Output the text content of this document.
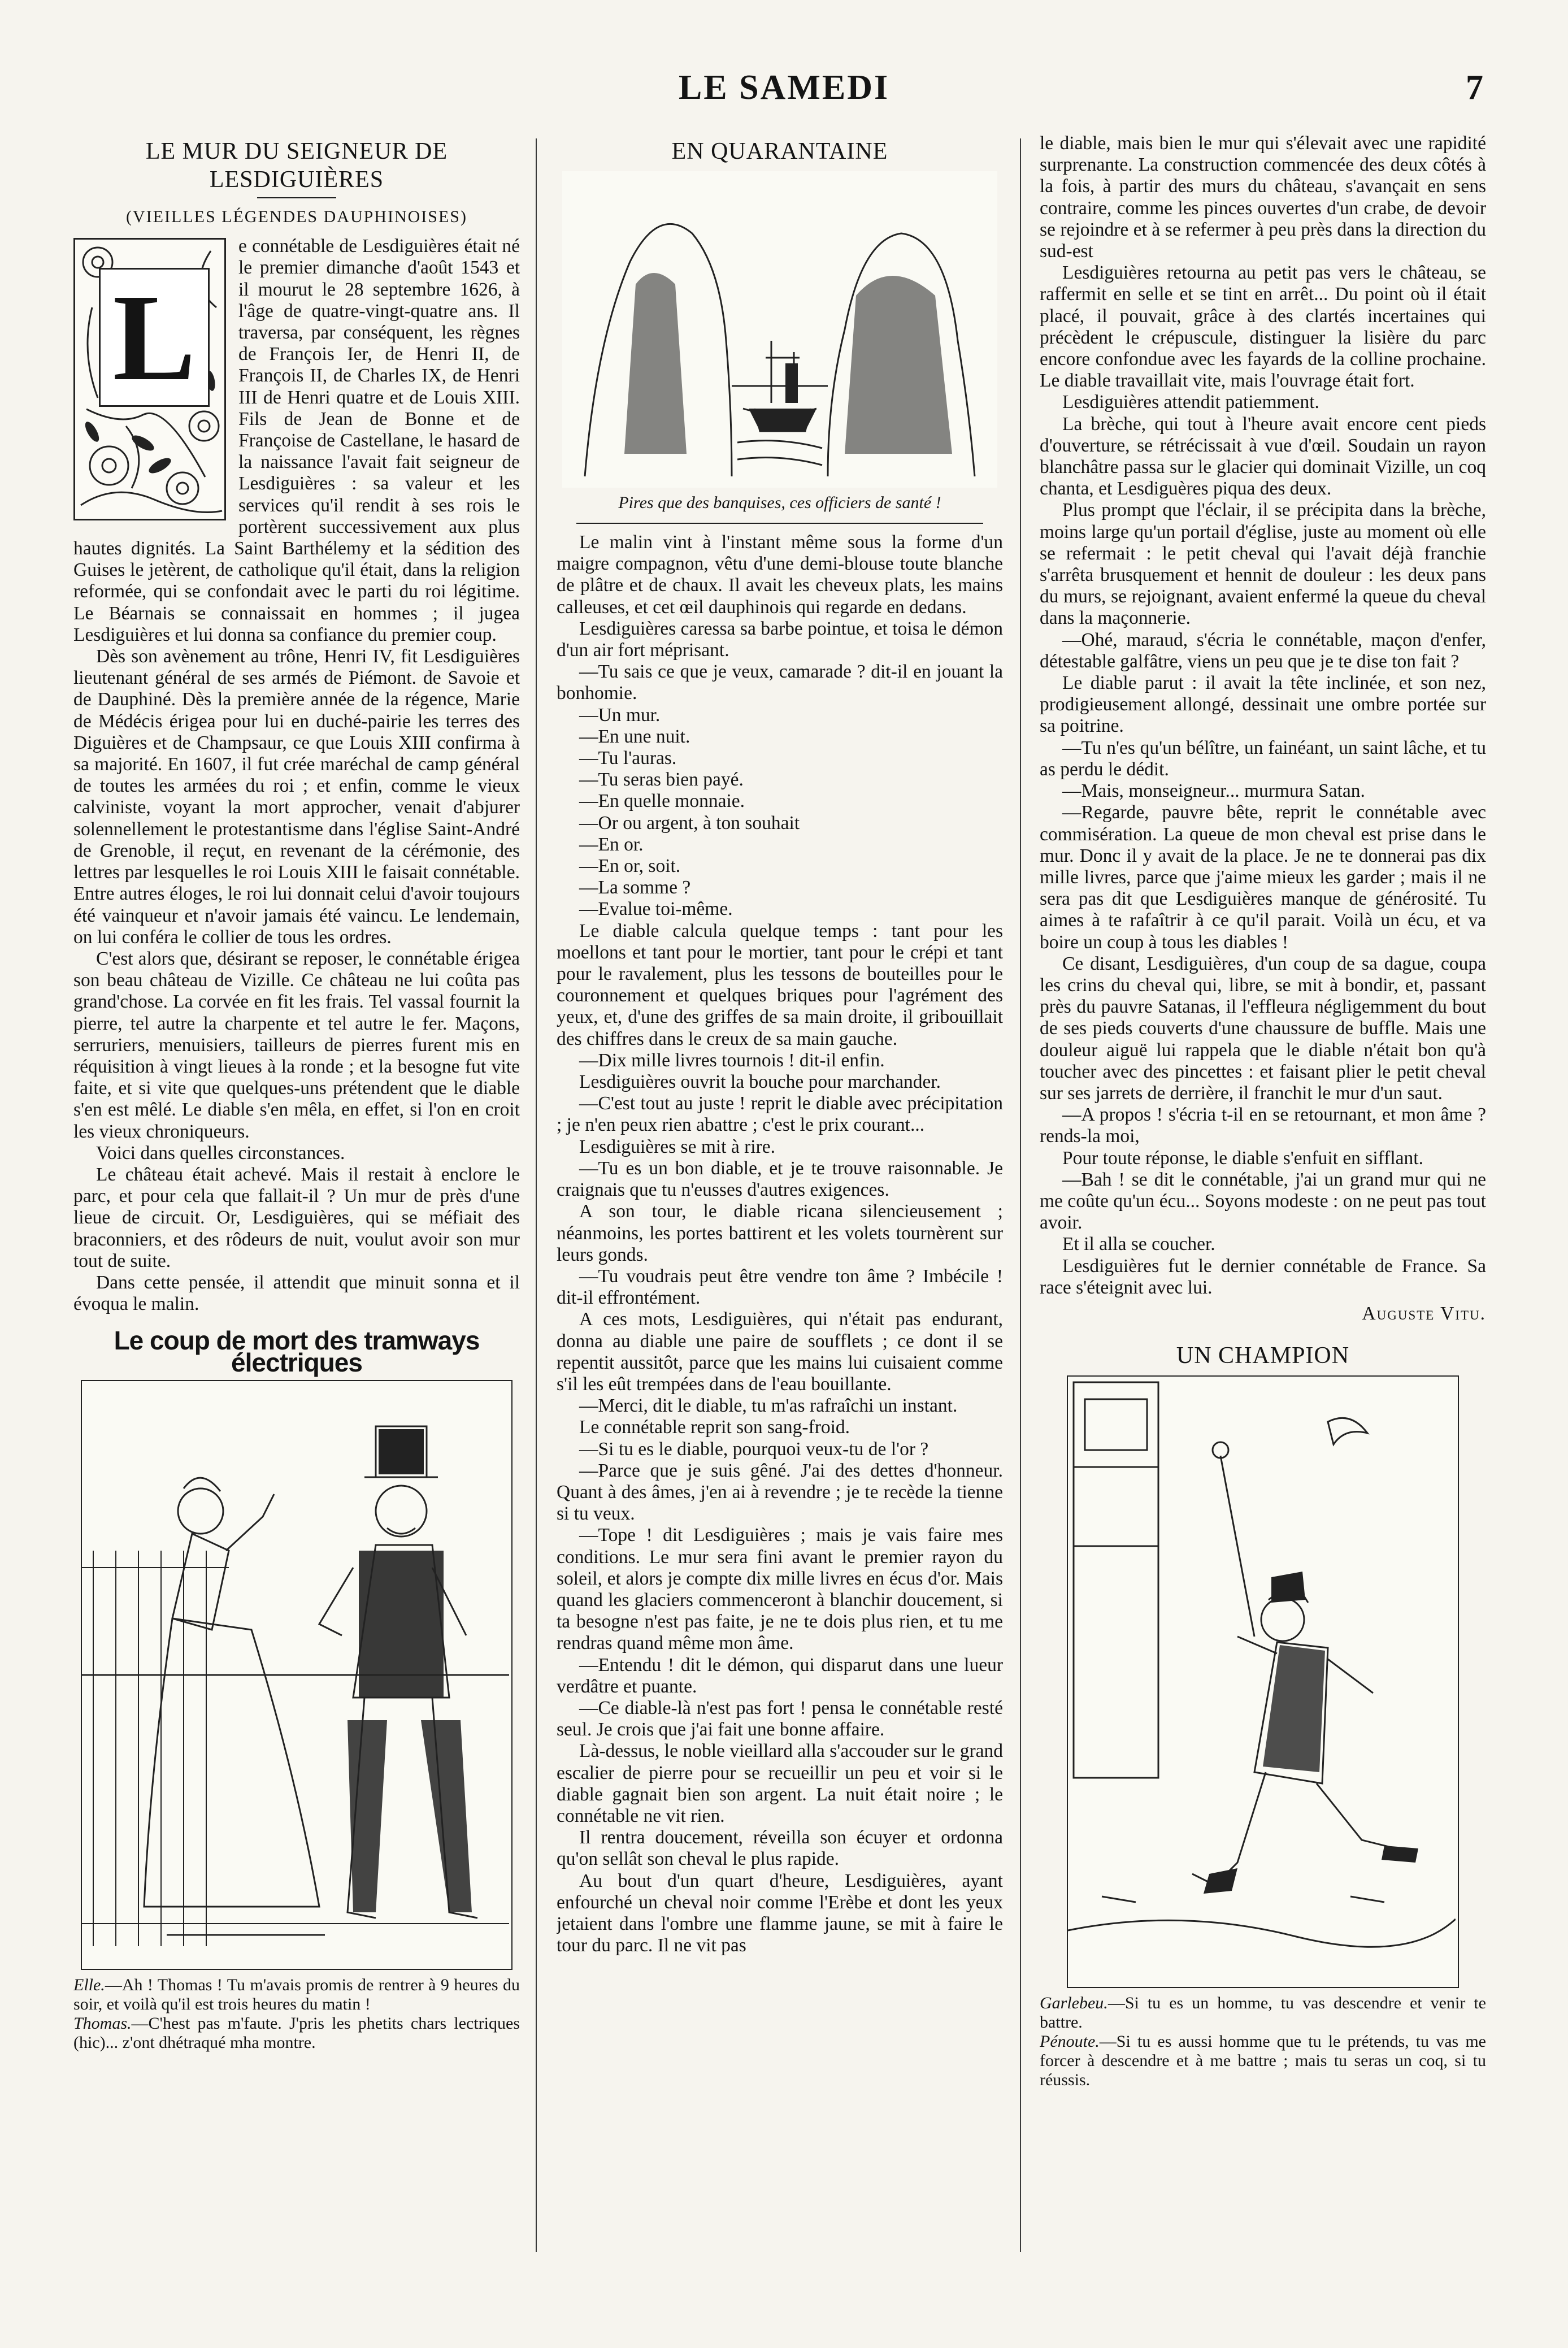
LE SAMEDI	7
LE MUR DU SEIGNEUR DE LESDIGUIÈRES
(VIEILLES LÉGENDES DAUPHINOISES)
L

e connétable de Lesdiguières était né le premier dimanche d'août 1543 et il mourut le 28 septembre 1626, à l'âge de quatre-vingt-quatre ans. Il traversa, par conséquent, les règnes de François Ier, de Henri II, de François II, de Charles IX, de Henri III de Henri quatre et de Louis XIII. Fils de Jean de Bonne et de Françoise de Castellane, le hasard de la naissance l'avait fait seigneur de Lesdiguières : sa valeur et les services qu'il rendit à ses rois le portèrent successivement aux plus hautes dignités. La Saint Barthélemy et la sédition des Guises le jetèrent, de catholique qu'il était, dans la religion reformée, qui se confondait avec le parti du roi légitime. Le Béarnais se connaissait en hommes ; il jugea Lesdiguières et lui donna sa confiance du premier coup.

Dès son avènement au trône, Henri IV, fit Lesdiguières lieutenant général de ses armés de Piémont. de Savoie et de Dauphiné. Dès la première année de la régence, Marie de Médécis érigea pour lui en duché-pairie les terres des Diguières et de Champsaur, ce que Louis XIII confirma à sa majorité. En 1607, il fut crée maréchal de camp général de toutes les armées du roi ; et enfin, comme le vieux calviniste, voyant la mort approcher, venait d'abjurer solennellement le protestantisme dans l'église Saint-André de Grenoble, il reçut, en revenant de la cérémonie, des lettres par lesquelles le roi Louis XIII le faisait connétable. Entre autres éloges, le roi lui donnait celui d'avoir toujours été vainqueur et n'avoir jamais été vaincu. Le lendemain, on lui conféra le collier de tous les ordres.

C'est alors que, désirant se reposer, le connétable érigea son beau château de Vizille. Ce château ne lui coûta pas grand'chose. La corvée en fit les frais. Tel vassal fournit la pierre, tel autre la charpente et tel autre le fer. Maçons, serruriers, menuisiers, tailleurs de pierres furent mis en réquisition à vingt lieues à la ronde ; et la besogne fut vite faite, et si vite que quelques-uns prétendent que le diable s'en est mêlé. Le diable s'en mêla, en effet, si l'on en croit les vieux chroniqueurs.

Voici dans quelles circonstances.

Le château était achevé. Mais il restait à enclore le parc, et pour cela que fallait-il ? Un mur de près d'une lieue de circuit. Or, Lesdiguières, qui se méfiait des braconniers, et des rôdeurs de nuit, voulut avoir son mur tout de suite.

Dans cette pensée, il attendit que minuit sonna et il évoqua le malin.

Le coup de mort des tramways électriques
Elle.—Ah ! Thomas ! Tu m'avais promis de rentrer à 9 heures du soir, et voilà qu'il est trois heures du matin !
Thomas.—C'hest pas m'faute. J'pris les phetits chars lectriques (hic)... z'ont dhétraqué mha montre.
EN QUARANTAINE
Pires que des banquises, ces officiers de santé !

Le malin vint à l'instant même sous la forme d'un maigre compagnon, vêtu d'une demi-blouse toute blanche de plâtre et de chaux. Il avait les cheveux plats, les mains calleuses, et cet œil dauphinois qui regarde en dedans.

Lesdiguières caressa sa barbe pointue, et toisa le démon d'un air fort méprisant.

—Tu sais ce que je veux, camarade ? dit-il en jouant la bonhomie.

—Un mur.

—En une nuit.

—Tu l'auras.

—Tu seras bien payé.

—En quelle monnaie.

—Or ou argent, à ton souhait

—En or.

—En or, soit.

—La somme ?

—Evalue toi-même.

Le diable calcula quelque temps : tant pour les moellons et tant pour le mortier, tant pour le crépi et tant pour le ravalement, plus les tessons de bouteilles pour le couronnement et quelques briques pour l'agrément des yeux, et, d'une des griffes de sa main droite, il gribouillait des chiffres dans le creux de sa main gauche.

—Dix mille livres tournois ! dit-il enfin.

Lesdiguières ouvrit la bouche pour marchander.

—C'est tout au juste ! reprit le diable avec précipitation ; je n'en peux rien abattre ; c'est le prix courant...

Lesdiguières se mit à rire.

—Tu es un bon diable, et je te trouve raisonnable. Je craignais que tu n'eusses d'autres exigences.

A son tour, le diable ricana silencieusement ; néanmoins, les portes battirent et les volets tournèrent sur leurs gonds.

—Tu voudrais peut être vendre ton âme ? Imbécile ! dit-il effrontément.

A ces mots, Lesdiguières, qui n'était pas endurant, donna au diable une paire de soufflets ; ce dont il se repentit aussitôt, parce que les mains lui cuisaient comme s'il les eût trempées dans de l'eau bouillante.

—Merci, dit le diable, tu m'as rafraîchi un instant.

Le connétable reprit son sang-froid.

—Si tu es le diable, pourquoi veux-tu de l'or ?

—Parce que je suis gêné. J'ai des dettes d'honneur. Quant à des âmes, j'en ai à revendre ; je te recède la tienne si tu veux.

—Tope ! dit Lesdiguières ; mais je vais faire mes conditions. Le mur sera fini avant le premier rayon du soleil, et alors je compte dix mille livres en écus d'or. Mais quand les glaciers commenceront à blanchir doucement, si ta besogne n'est pas faite, je ne te dois plus rien, et tu me rendras quand même mon âme.

—Entendu ! dit le démon, qui disparut dans une lueur verdâtre et puante.

—Ce diable-là n'est pas fort ! pensa le connétable resté seul. Je crois que j'ai fait une bonne affaire.

Là-dessus, le noble vieillard alla s'accouder sur le grand escalier de pierre pour se recueillir un peu et voir si le diable gagnait bien son argent. La nuit était noire ; le connétable ne vit rien.

Il rentra doucement, réveilla son écuyer et ordonna qu'on sellât son cheval le plus rapide.

Au bout d'un quart d'heure, Lesdiguières, ayant enfourché un cheval noir comme l'Erèbe et dont les yeux jetaient dans l'ombre une flamme jaune, se mit à faire le tour du parc. Il ne vit pas

le diable, mais bien le mur qui s'élevait avec une rapidité surprenante. La construction commencée des deux côtés à la fois, à partir des murs du château, s'avançait en sens contraire, comme les pinces ouvertes d'un crabe, de devoir se rejoindre et à se refermer à peu près dans la direction du sud-est

Lesdiguières retourna au petit pas vers le château, se raffermit en selle et se tint en arrêt... Du point où il était placé, il pouvait, grâce à des clartés incertaines qui précèdent le crépuscule, distinguer la lisière du parc encore confondue avec les fayards de la colline prochaine. Le diable travaillait vite, mais l'ouvrage était fort.

Lesdiguières attendit patiemment.

La brèche, qui tout à l'heure avait encore cent pieds d'ouverture, se rétrécissait à vue d'œil. Soudain un rayon blanchâtre passa sur le glacier qui dominait Vizille, un coq chanta, et Lesdiguères piqua des deux.

Plus prompt que l'éclair, il se précipita dans la brèche, moins large qu'un portail d'église, juste au moment où elle se refermait : le petit cheval qui l'avait déjà franchie s'arrêta brusquement et hennit de douleur : les deux pans du murs, se rejoignant, avaient enfermé la queue du cheval dans la maçonnerie.

—Ohé, maraud, s'écria le connétable, maçon d'enfer, détestable galfâtre, viens un peu que je te dise ton fait ?

Le diable parut : il avait la tête inclinée, et son nez, prodigieusement allongé, dessinait une ombre portée sur sa poitrine.

—Tu n'es qu'un bélître, un fainéant, un saint lâche, et tu as perdu le dédit.

—Mais, monseigneur... murmura Satan.

—Regarde, pauvre bête, reprit le connétable avec commisération. La queue de mon cheval est prise dans le mur. Donc il y avait de la place. Je ne te donnerai pas dix mille livres, parce que j'aime mieux les garder ; mais il ne sera pas dit que Lesdiguières manque de générosité. Tu aimes à te rafaîtrir à ce qu'il parait. Voilà un écu, et va boire un coup à tous les diables !

Ce disant, Lesdiguières, d'un coup de sa dague, coupa les crins du cheval qui, libre, se mit à bondir, et, passant près du pauvre Satanas, il l'effleura négligemment du bout de ses pieds couverts d'une chaussure de buffle. Mais une douleur aiguë lui rappela que le diable n'était bon qu'à toucher avec des pincettes : et faisant plier le petit cheval sur ses jarrets de derrière, il franchit le mur d'un saut.

—A propos ! s'écria t-il en se retournant, et mon âme ? rends-la moi,

Pour toute réponse, le diable s'enfuit en sifflant.

—Bah ! se dit le connétable, j'ai un grand mur qui ne me coûte qu'un écu... Soyons modeste : on ne peut pas tout avoir.

Et il alla se coucher.

Lesdiguières fut le dernier connétable de France. Sa race s'éteignit avec lui.

Auguste Vitu.
UN CHAMPION
Garlebeu.—Si tu es un homme, tu vas descendre et venir te battre.
Pénoute.—Si tu es aussi homme que tu le prétends, tu vas me forcer à descendre et à me battre ; mais tu seras un coq, si tu réussis.
